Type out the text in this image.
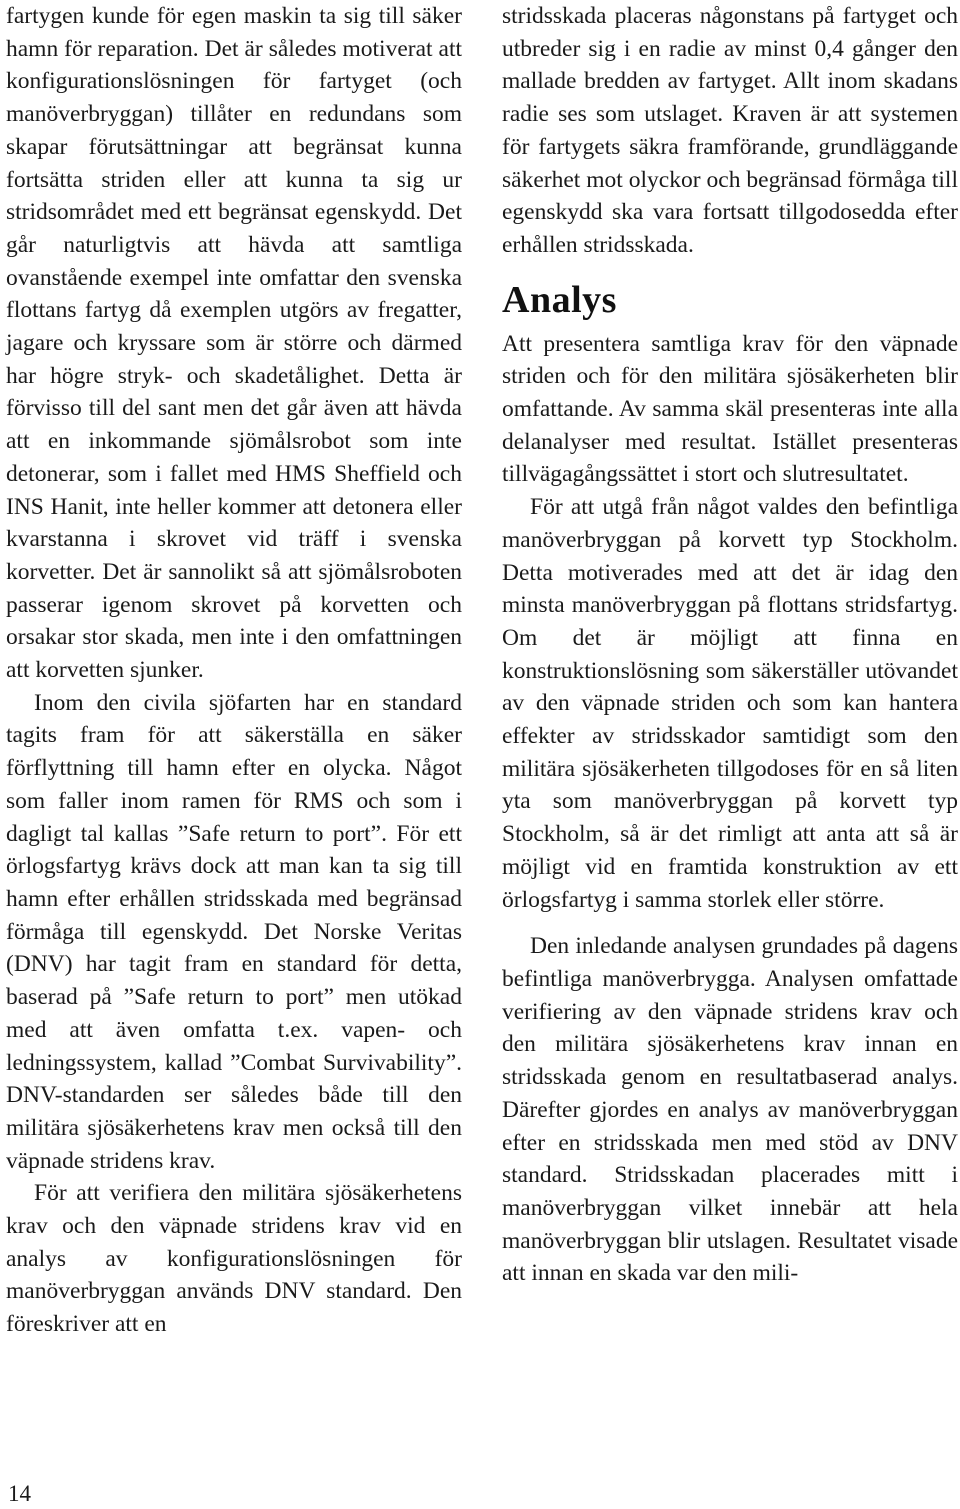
fartygen kunde för egen maskin ta sig till säker hamn för reparation. Det är således motiverat att konfigurationslösningen för fartyget (och manöverbryggan) tillåter en redundans som skapar förutsättningar att begränsat kunna fortsätta striden eller att kunna ta sig ur stridsområdet med ett begränsat egenskydd. Det går naturligtvis att hävda att samtliga ovanstående exempel inte omfattar den svenska flottans fartyg då exemplen utgörs av fregatter, jagare och kryssare som är större och därmed har högre stryk- och skadetålighet. Detta är förvisso till del sant men det går även att hävda att en inkommande sjömålsrobot som inte detonerar, som i fallet med HMS Sheffield och INS Hanit, inte heller kommer att detonera eller kvarstanna i skrovet vid träff i svenska korvetter. Det är sannolikt så att sjömålsroboten passerar igenom skrovet på korvetten och orsakar stor skada, men inte i den omfattningen att korvetten sjunker.

Inom den civila sjöfarten har en standard tagits fram för att säkerställa en säker förflyttning till hamn efter en olycka. Något som faller inom ramen för RMS och som i dagligt tal kallas ”Safe return to port”. För ett örlogsfartyg krävs dock att man kan ta sig till hamn efter erhållen stridsskada med begränsad förmåga till egenskydd. Det Norske Veritas (DNV) har tagit fram en standard för detta, baserad på ”Safe return to port” men utökad med att även omfatta t.ex. vapen- och ledningssystem, kallad ”Combat Survivability”. DNV-standarden ser således både till den militära sjösäkerhetens krav men också till den väpnade stridens krav.

För att verifiera den militära sjösäkerhetens krav och den väpnade stridens krav vid en analys av konfigurationslösningen för manöverbryggan används DNV standard. Den föreskriver att en

stridsskada placeras någonstans på fartyget och utbreder sig i en radie av minst 0,4 gånger den mallade bredden av fartyget. Allt inom skadans radie ses som utslaget. Kraven är att systemen för fartygets säkra framförande, grundläggande säkerhet mot olyckor och begränsad förmåga till egenskydd ska vara fortsatt tillgodosedda efter erhållen stridsskada.

Analys

Att presentera samtliga krav för den väpnade striden och för den militära sjösäkerheten blir omfattande. Av samma skäl presenteras inte alla delanalyser med resultat. Istället presenteras tillvägagångssättet i stort och slutresultatet.

För att utgå från något valdes den befintliga manöverbryggan på korvett typ Stockholm. Detta motiverades med att det är idag den minsta manöverbryggan på flottans stridsfartyg. Om det är möjligt att finna en konstruktionslösning som säkerställer utövandet av den väpnade striden och som kan hantera effekter av stridsskador samtidigt som den militära sjösäkerheten tillgodoses för en så liten yta som manöverbryggan på korvett typ Stockholm, så är det rimligt att anta att så är möjligt vid en framtida konstruktion av ett örlogsfartyg i samma storlek eller större.

Den inledande analysen grundades på dagens befintliga manöverbrygga. Analysen omfattade verifiering av den väpnade stridens krav och den militära sjösäkerhetens krav innan en stridsskada genom en resultatbaserad analys. Därefter gjordes en analys av manöverbryggan efter en stridsskada men med stöd av DNV standard. Stridsskadan placerades mitt i manöverbryggan vilket innebär att hela manöverbryggan blir utslagen. Resultatet visade att innan en skada var den mili-

14
